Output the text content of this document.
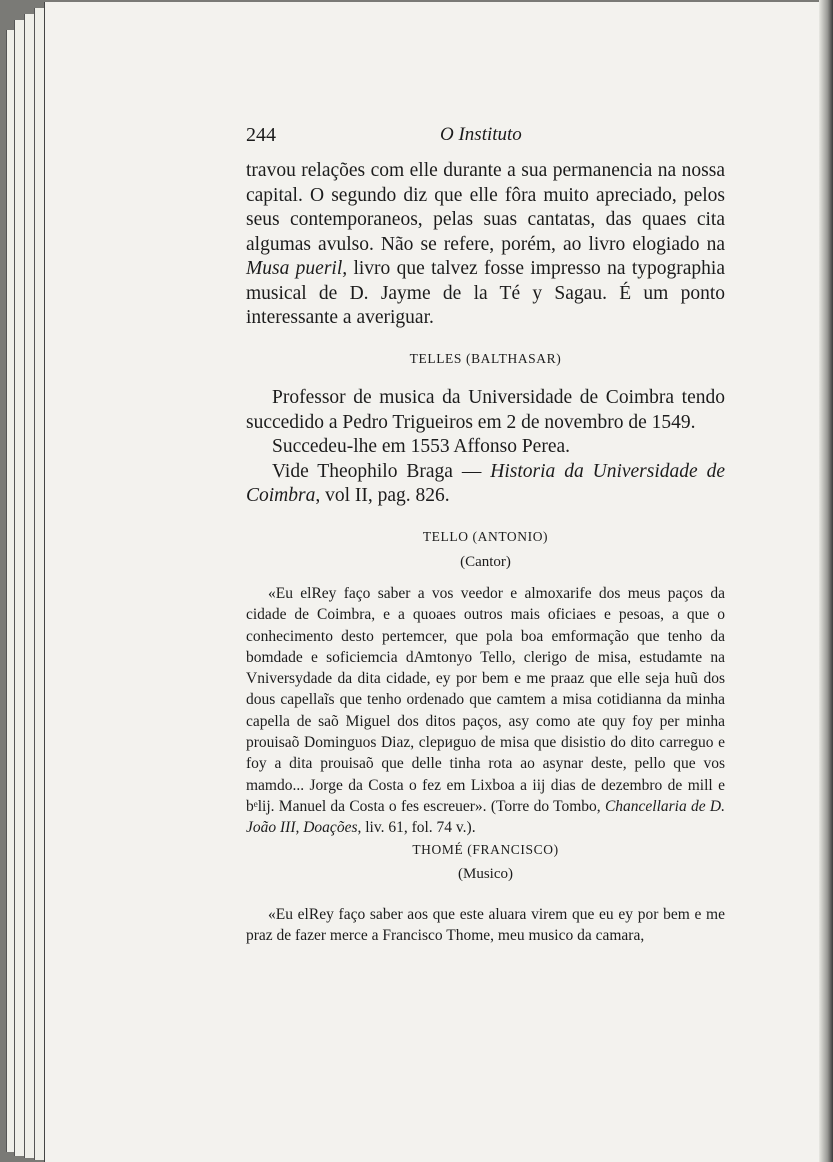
244	O Instituto

travou relações com elle durante a sua permanencia na nossa capital. O segundo diz que elle fôra muito apreciado, pelos seus contemporaneos, pelas suas cantatas, das quaes cita algumas avulso. Não se refere, porém, ao livro elogiado na Musa pueril, livro que talvez fosse impresso na typographia musical de D. Jayme de la Té y Sagau. É um ponto interessante a averiguar.

TELLES (BALTHASAR)

Professor de musica da Universidade de Coimbra tendo succedido a Pedro Trigueiros em 2 de novembro de 1549.

Succedeu-lhe em 1553 Affonso Perea.

Vide Theophilo Braga — Historia da Universidade de Coimbra, vol II, pag. 826.

TELLO (ANTONIO)
(Cantor)

«Eu elRey faço saber a vos veedor e almoxarife dos meus paços da cidade de Coimbra, e a quoaes outros mais oficiaes e pesoas, a que o conhecimento desto pertemcer, que pola boa emformação que tenho da bomdade e soficiemcia dAmtonyo Tello, clerigo de misa, estudamte na Vniversydade da dita cidade, ey por bem e me praaz que elle seja huũ dos dous capellaĩs que tenho ordenado que camtem a misa cotidianna da minha capella de saõ Miguel dos ditos paços, asy como ate quy foy per minha prouisaõ Dominguos Diaz, clериguo de misa que disistio do dito carreguo e foy a dita prouisaõ que delle tinha rota ao asynar deste, pello que vos mamdo... Jorge da Costa o fez em Lixboa a iij dias de dezembro de mill e bᵉlij. Manuel da Costa o fes escreuer». (Torre do Tombo, Chancellaria de D. João III, Doações, liv. 61, fol. 74 v.).

THOMÉ (FRANCISCO)
(Musico)

«Eu elRey faço saber aos que este aluara virem que eu ey por bem e me praz de fazer merce a Francisco Thome, meu musico da camara,
